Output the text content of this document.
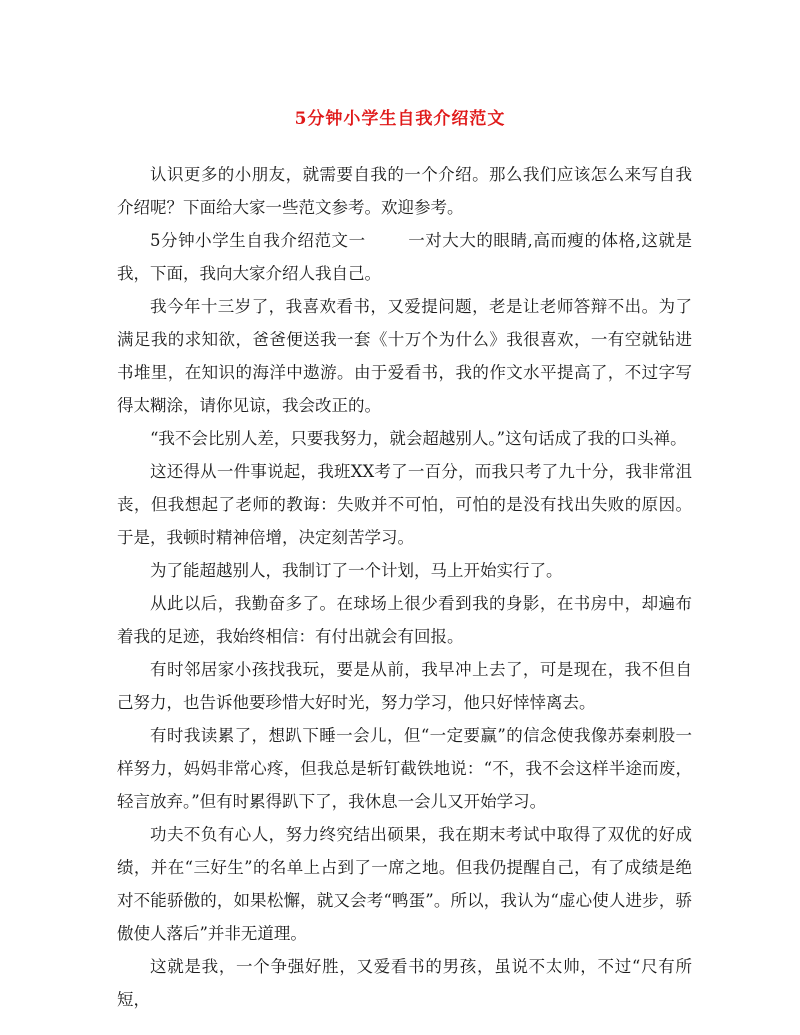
5分钟小学生自我介绍范文

认识更多的小朋友，就需要自我的一个介绍。那么我们应该怎么来写自我介绍呢？下面给大家一些范文参考。欢迎参考。

5分钟小学生自我介绍范文一	一对大大的眼睛,高而瘦的体格,这就是我，下面，我向大家介绍人我自己。

我今年十三岁了，我喜欢看书，又爱提问题，老是让老师答辩不出。为了满足我的求知欲，爸爸便送我一套《十万个为什么》我很喜欢，一有空就钻进书堆里，在知识的海洋中遨游。由于爱看书，我的作文水平提高了，不过字写得太糊涂，请你见谅，我会改正的。

“我不会比别人差，只要我努力，就会超越别人。”这句话成了我的口头禅。

这还得从一件事说起，我班XX考了一百分，而我只考了九十分，我非常沮丧，但我想起了老师的教诲：失败并不可怕，可怕的是没有找出失败的原因。于是，我顿时精神倍增，决定刻苦学习。

为了能超越别人，我制订了一个计划，马上开始实行了。

从此以后，我勤奋多了。在球场上很少看到我的身影，在书房中，却遍布着我的足迹，我始终相信：有付出就会有回报。

有时邻居家小孩找我玩，要是从前，我早冲上去了，可是现在，我不但自己努力，也告诉他要珍惜大好时光，努力学习，他只好悻悻离去。

有时我读累了，想趴下睡一会儿，但“一定要赢”的信念使我像苏秦刺股一样努力，妈妈非常心疼，但我总是斩钉截铁地说：“不，我不会这样半途而废，轻言放弃。”但有时累得趴下了，我休息一会儿又开始学习。

功夫不负有心人，努力终究结出硕果，我在期末考试中取得了双优的好成绩，并在“三好生”的名单上占到了一席之地。但我仍提醒自己，有了成绩是绝对不能骄傲的，如果松懈，就又会考“鸭蛋”。所以，我认为“虚心使人进步，骄傲使人落后”并非无道理。

这就是我，一个争强好胜，又爱看书的男孩，虽说不太帅，不过“尺有所短，
